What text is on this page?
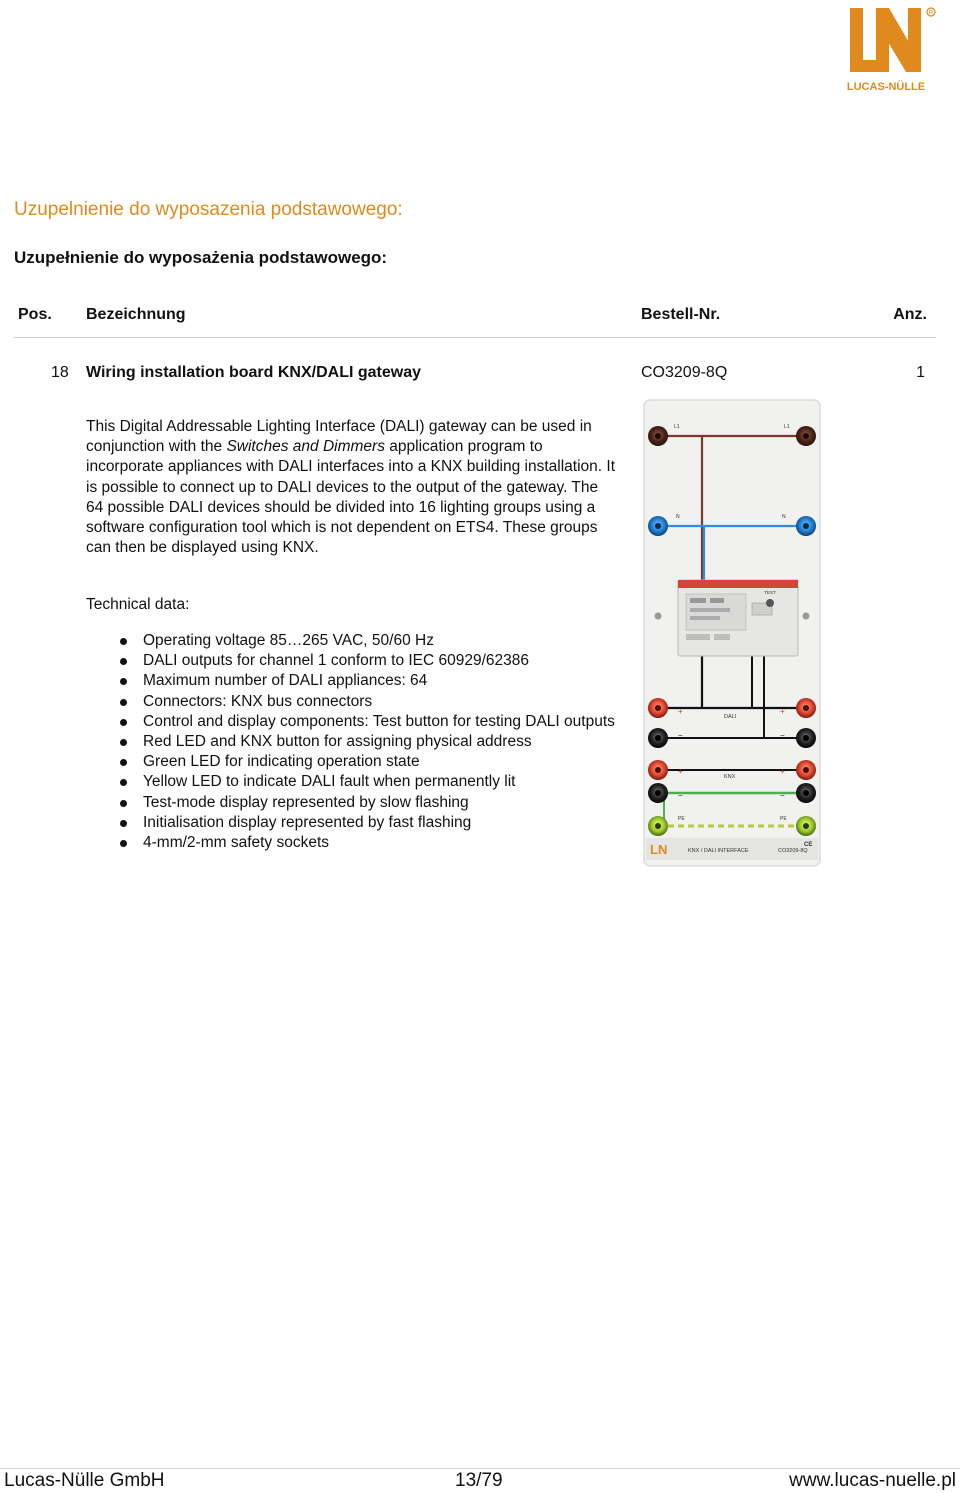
R
LUCAS-NÜLLE
Uzupelnienie do wyposazenia podstawowego:
Uzupełnienie do wyposażenia podstawowego:
Pos. Bezeichnung	Bestell-Nr.	Anz.
18 Wiring installation board KNX/DALI gateway	CO3209-8Q	1

This Digital Addressable Lighting Interface (DALI) gateway can be used in conjunction with the Switches and Dimmers application program to incorporate appliances with DALI interfaces into a KNX building installation. It is possible to connect up to DALI devices to the output of the gateway. The 64 possible DALI devices should be divided into 16 lighting groups using a software configuration tool which is not dependent on ETS4. These groups can then be displayed using KNX.

Technical data:
Operating voltage 85…265 VAC, 50/60 Hz
DALI outputs for channel 1 conform to IEC 60929/62386
Maximum number of DALI appliances: 64
Connectors: KNX bus connectors
Control and display components: Test button for testing DALI outputs
Red LED and KNX button for assigning physical address
Green LED for indicating operation state
Yellow LED to indicate DALI fault when permanently lit
Test-mode display represented by slow flashing
Initialisation display represented by fast flashing
4-mm/2-mm safety sockets
TEST
L1	L1
N	N
DALI
KNX
PE	PE
+	+
−	−
+	+
−	−
LN	KNX / DALI INTERFACE	CO3209-8Q
CE
Lucas-Nülle GmbH	13/79	www.lucas-nuelle.pl
